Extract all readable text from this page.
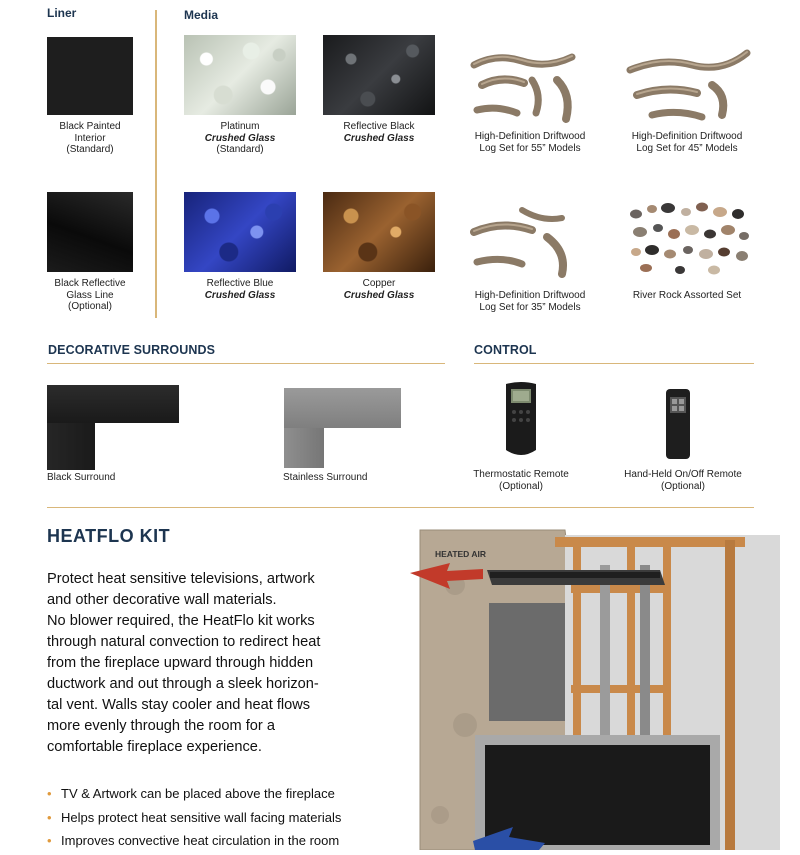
Liner	Media
Black Painted
Interior
(Standard)
Black Reflective
Glass Line
(Optional)
Platinum
Crushed Glass
(Standard)
Reflective Black
Crushed Glass	High-Definition Driftwood
Log Set for 55” Models
High-Definition Driftwood
Log Set for 45” Models
Reflective Blue
Crushed Glass
Copper
Crushed Glass	High-Definition Driftwood
Log Set for 35” Models
River Rock Assorted Set
DECORATIVE SURROUNDS	CONTROL
Black Surround	Stainless Surround	Thermostatic Remote
(Optional)
Hand-Held On/Off Remote
(Optional)
HEATFLO KIT
Protect heat sensitive televisions, artwork
and other decorative wall materials.
No blower required, the HeatFlo kit works
through natural convection to redirect heat
from the fireplace upward through hidden
ductwork and out through a sleek horizon-
tal vent. Walls stay cooler and heat flows
more evenly through the room for a
comfortable fireplace experience.
• TV & Artwork can be placed above the fireplace
• Helps protect heat sensitive wall facing materials
• Improves convective heat circulation in the room
HEATED AIR
